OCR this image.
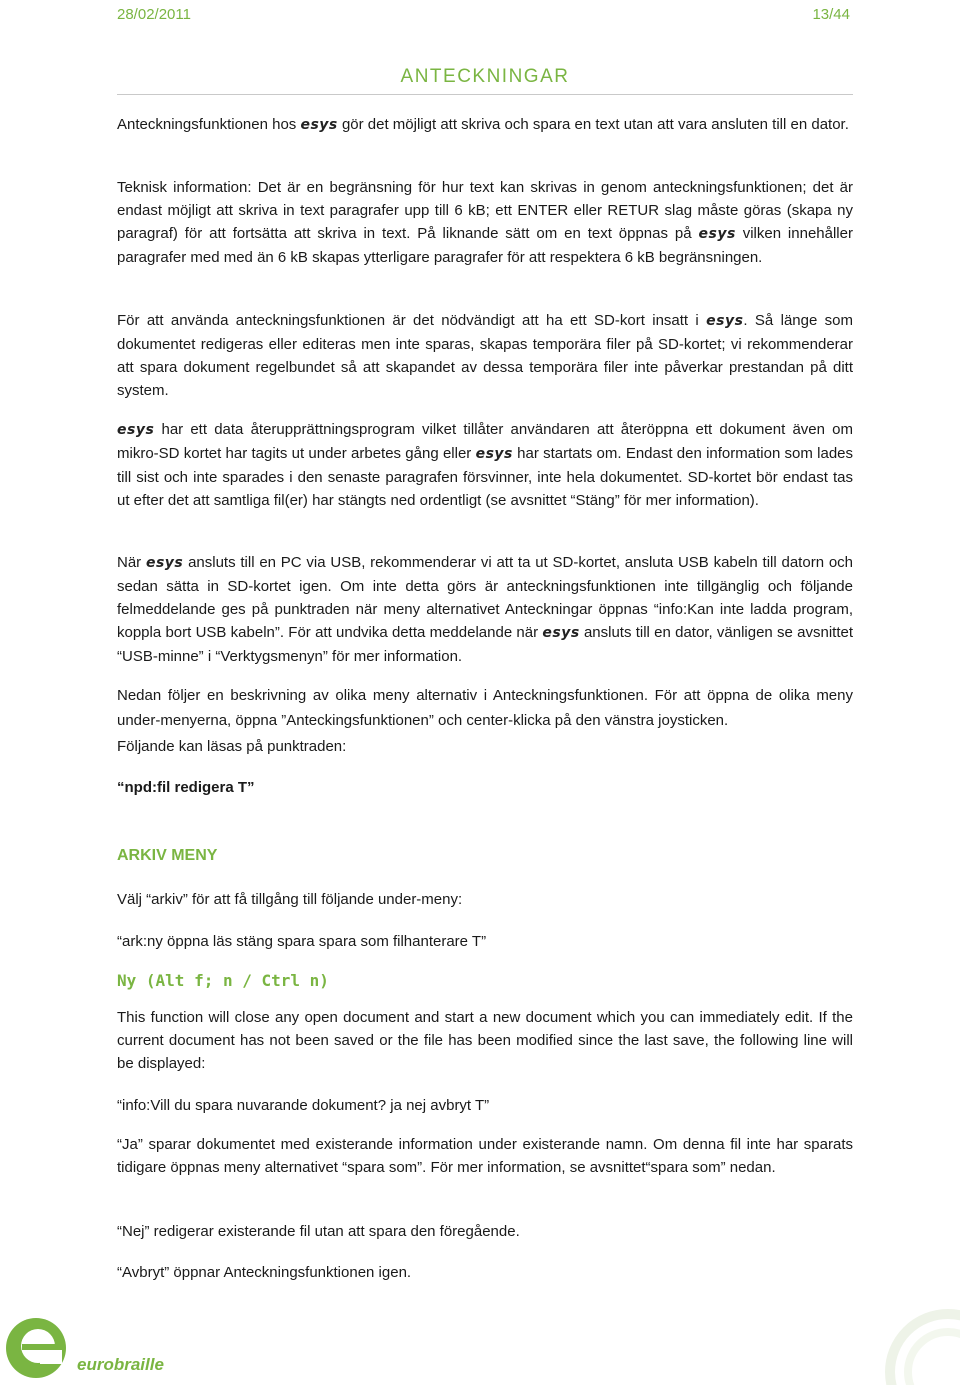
28/02/2011	13/44
ANTECKNINGAR
Anteckningsfunktionen hos esys gör det möjligt att skriva och spara en text utan att vara ansluten till en dator.
Teknisk information: Det är en begränsning för hur text kan skrivas in genom anteckningsfunktionen; det är endast möjligt att skriva in text paragrafer upp till 6 kB; ett ENTER eller RETUR slag måste göras (skapa ny paragraf) för att fortsätta att skriva in text. På liknande sätt om en text öppnas på esys vilken innehåller paragrafer med med än 6 kB skapas ytterligare paragrafer för att respektera 6 kB begränsningen.
För att använda anteckningsfunktionen är det nödvändigt att ha ett SD-kort insatt i esys. Så länge som dokumentet redigeras eller editeras men inte sparas, skapas temporära filer på SD-kortet; vi rekommenderar att spara dokument regelbundet så att skapandet av dessa temporära filer inte påverkar prestandan på ditt system.
esys har ett data återupprättningsprogram vilket tillåter användaren att återöppna ett dokument även om mikro-SD kortet har tagits ut under arbetes gång eller esys har startats om. Endast den information som lades till sist och inte sparades i den senaste paragrafen försvinner, inte hela dokumentet. SD-kortet bör endast tas ut efter det att samtliga fil(er) har stängts ned ordentligt (se avsnittet “Stäng” för mer information).
När esys ansluts till en PC via USB, rekommenderar vi att ta ut SD-kortet, ansluta USB kabeln till datorn och sedan sätta in SD-kortet igen. Om inte detta görs är anteckningsfunktionen inte tillgänglig och följande felmeddelande ges på punktraden när meny alternativet Anteckningar öppnas “info:Kan inte ladda program, koppla bort USB kabeln”. För att undvika detta meddelande när esys ansluts till en dator, vänligen se avsnittet “USB-minne” i “Verktygsmenyn” för mer information.
Nedan följer en beskrivning av olika meny alternativ i Anteckningsfunktionen. För att öppna de olika meny under-menyerna, öppna ”Anteckingsfunktionen” och center-klicka på den vänstra joysticken.
Följande kan läsas på punktraden:
“npd:fil redigera T”
ARKIV MENY
Välj “arkiv” för att få tillgång till följande under-meny:
“ark:ny öppna läs stäng spara spara som filhanterare T”
Ny (Alt f; n / Ctrl n)
This function will close any open document and start a new document which you can immediately edit. If the current document has not been saved or the file has been modified since the last save, the following line will be displayed:
“info:Vill du spara nuvarande dokument? ja nej avbryt T”
“Ja” sparar dokumentet med existerande information under existerande namn. Om denna fil inte har sparats tidigare öppnas meny alternativet “spara som”. För mer information, se avsnittet“spara som” nedan.
“Nej” redigerar existerande fil utan att spara den föregående.
“Avbryt” öppnar Anteckningsfunktionen igen.
eurobraille
